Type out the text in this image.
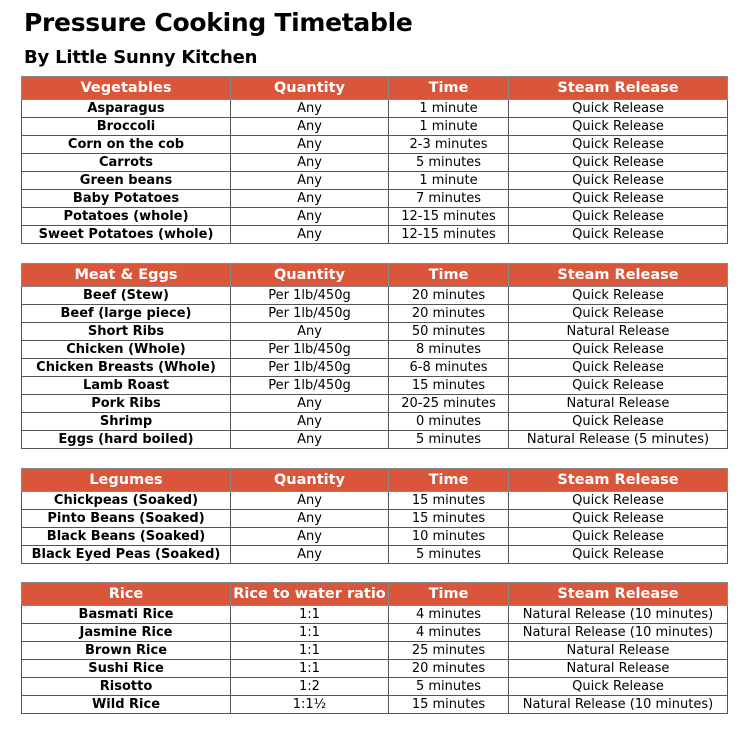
Pressure Cooking Timetable
By Little Sunny Kitchen
Vegetables	Quantity	Time	Steam Release
Asparagus	Any	1 minute	Quick Release
Broccoli	Any	1 minute	Quick Release
Corn on the cob	Any	2-3 minutes	Quick Release
Carrots	Any	5 minutes	Quick Release
Green beans	Any	1 minute	Quick Release
Baby Potatoes	Any	7 minutes	Quick Release
Potatoes (whole)	Any	12-15 minutes	Quick Release
Sweet Potatoes (whole)	Any	12-15 minutes	Quick Release
Meat & Eggs	Quantity	Time	Steam Release
Beef (Stew)	Per 1lb/450g	20 minutes	Quick Release
Beef (large piece)	Per 1lb/450g	20 minutes	Quick Release
Short Ribs	Any	50 minutes	Natural Release
Chicken (Whole)	Per 1lb/450g	8 minutes	Quick Release
Chicken Breasts (Whole)	Per 1lb/450g	6-8 minutes	Quick Release
Lamb Roast	Per 1lb/450g	15 minutes	Quick Release
Pork Ribs	Any	20-25 minutes	Natural Release
Shrimp	Any	0 minutes	Quick Release
Eggs (hard boiled)	Any	5 minutes	Natural Release (5 minutes)
Legumes	Quantity	Time	Steam Release
Chickpeas (Soaked)	Any	15 minutes	Quick Release
Pinto Beans (Soaked)	Any	15 minutes	Quick Release
Black Beans (Soaked)	Any	10 minutes	Quick Release
Black Eyed Peas (Soaked)	Any	5 minutes	Quick Release
Rice	Rice to water ratio	Time	Steam Release
Basmati Rice	1:1	4 minutes	Natural Release (10 minutes)
Jasmine Rice	1:1	4 minutes	Natural Release (10 minutes)
Brown Rice	1:1	25 minutes	Natural Release
Sushi Rice	1:1	20 minutes	Natural Release
Risotto	1:2	5 minutes	Quick Release
Wild Rice	1:1½	15 minutes	Natural Release (10 minutes)
